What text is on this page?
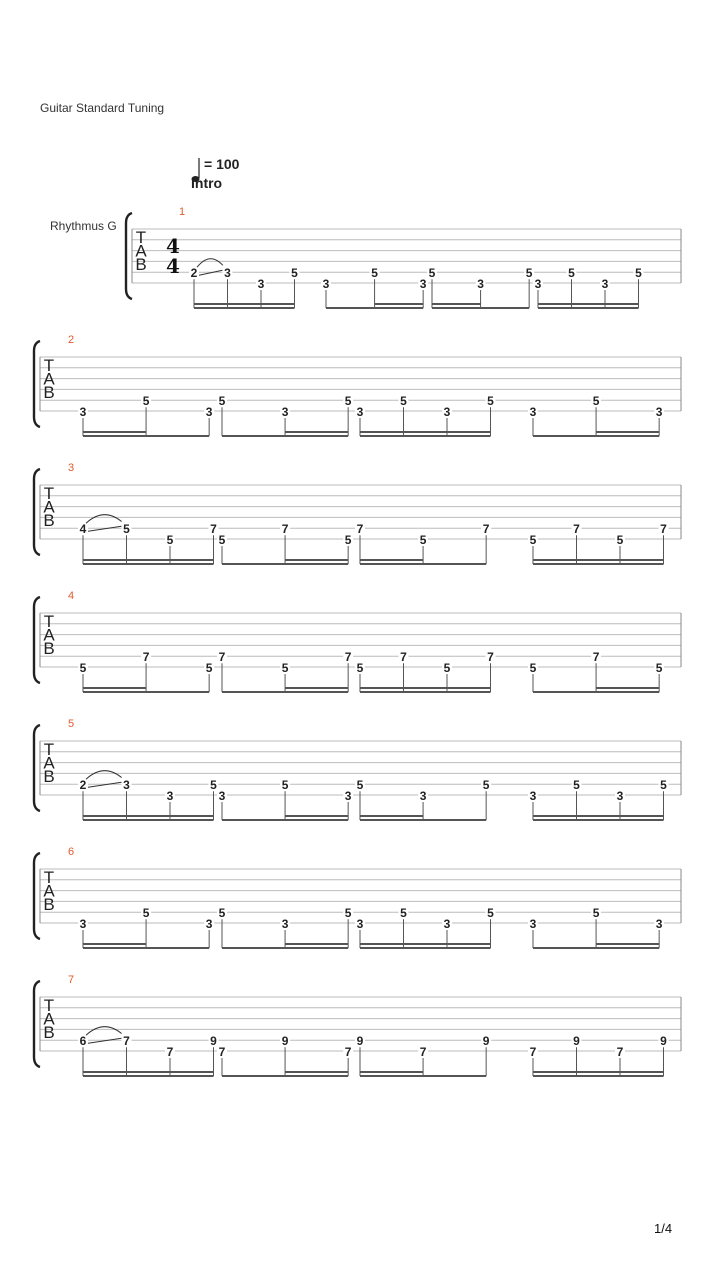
Guitar Standard Tuning
= 100
Intro
Rhythmus G
T
A
B
4
4
1
2 3
3
5
3
5
3
5
3
5
3
5
3
5
T
A
B
2
3
5
3
5
3
5
3
5
3
5
3
5
3
T
A
B
3
4	5
5
7
5
7
5
7
5
7
5
7
5
7
T
A
B
4
5
7
5
7
5
7
5
7
5
7
5
7
5
T
A
B
5
2	3
3
5
3
5
3
5
3
5
3
5
3
5
T
A
B
6
3
5
3
5
3
5
3
5
3
5
3
5
3
T
A
B
7
6	7
7
9
7
9
7
9
7
9
7
9
7
9
1/4
